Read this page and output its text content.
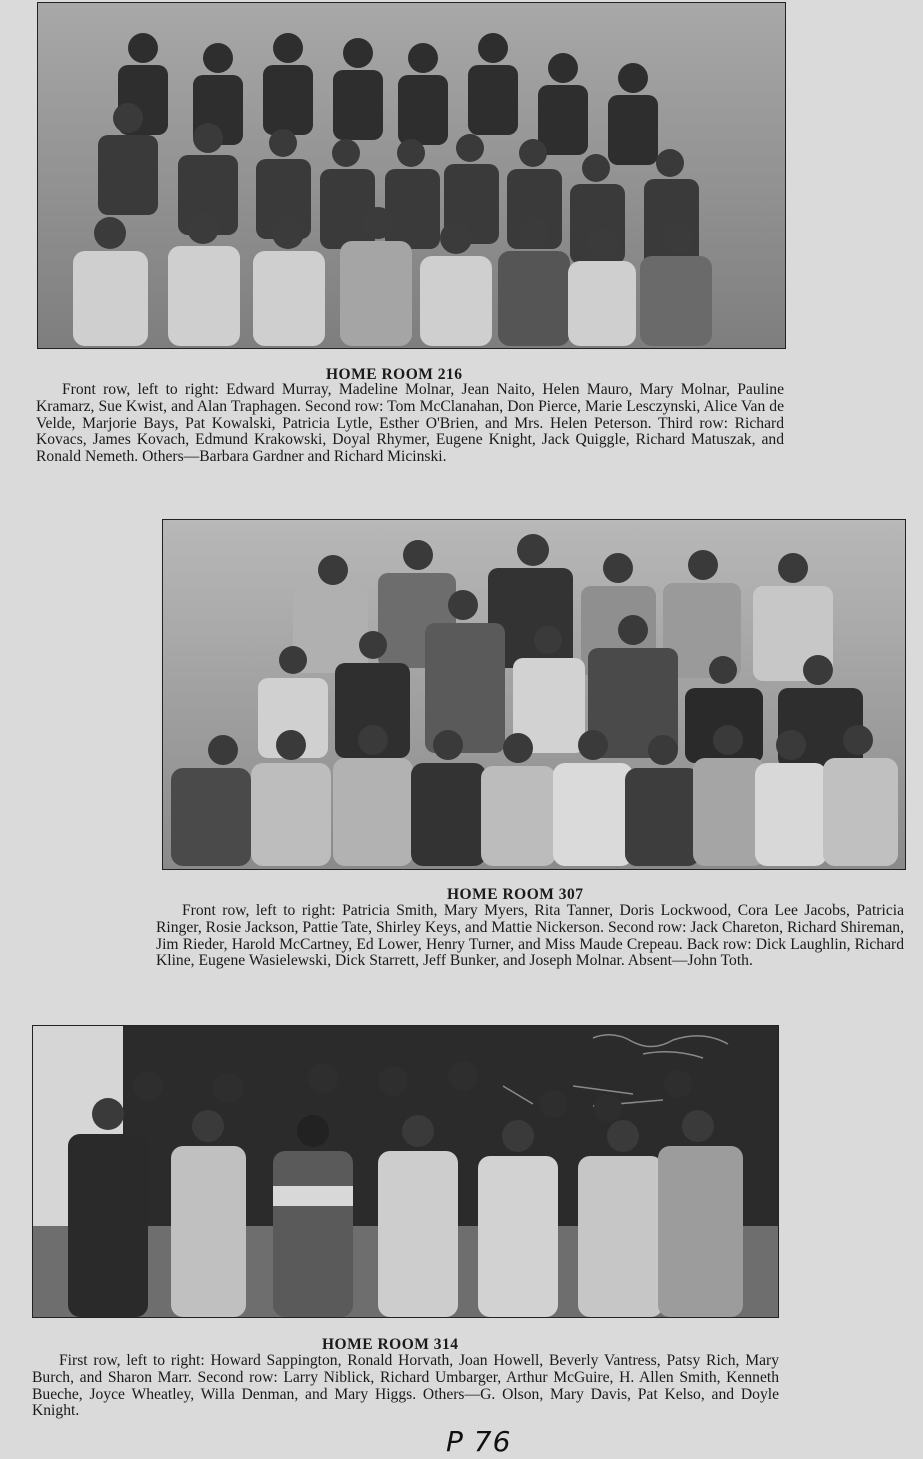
HOME ROOM 216
Front row, left to right: Edward Murray, Madeline Molnar, Jean Naito, Helen Mauro, Mary Molnar, Pauline Kramarz, Sue Kwist, and Alan Traphagen. Second row: Tom McClanahan, Don Pierce, Marie Lesczynski, Alice Van de Velde, Marjorie Bays, Pat Kowalski, Patricia Lytle, Esther O'Brien, and Mrs. Helen Peterson. Third row: Richard Kovacs, James Kovach, Edmund Krakowski, Doyal Rhymer, Eugene Knight, Jack Quiggle, Richard Matuszak, and Ronald Nemeth. Others—Barbara Gardner and Richard Micinski.
HOME ROOM 307
Front row, left to right: Patricia Smith, Mary Myers, Rita Tanner, Doris Lockwood, Cora Lee Jacobs, Patricia Ringer, Rosie Jackson, Pattie Tate, Shirley Keys, and Mattie Nickerson. Second row: Jack Chareton, Richard Shireman, Jim Rieder, Harold McCartney, Ed Lower, Henry Turner, and Miss Maude Crepeau. Back row: Dick Laughlin, Richard Kline, Eugene Wasielewski, Dick Starrett, Jeff Bunker, and Joseph Molnar. Absent—John Toth.
HOME ROOM 314
First row, left to right: Howard Sappington, Ronald Horvath, Joan Howell, Beverly Vantress, Patsy Rich, Mary Burch, and Sharon Marr. Second row: Larry Niblick, Richard Umbarger, Arthur McGuire, H. Allen Smith, Kenneth Bueche, Joyce Wheatley, Willa Denman, and Mary Higgs. Others—G. Olson, Mary Davis, Pat Kelso, and Doyle Knight.
P 76
